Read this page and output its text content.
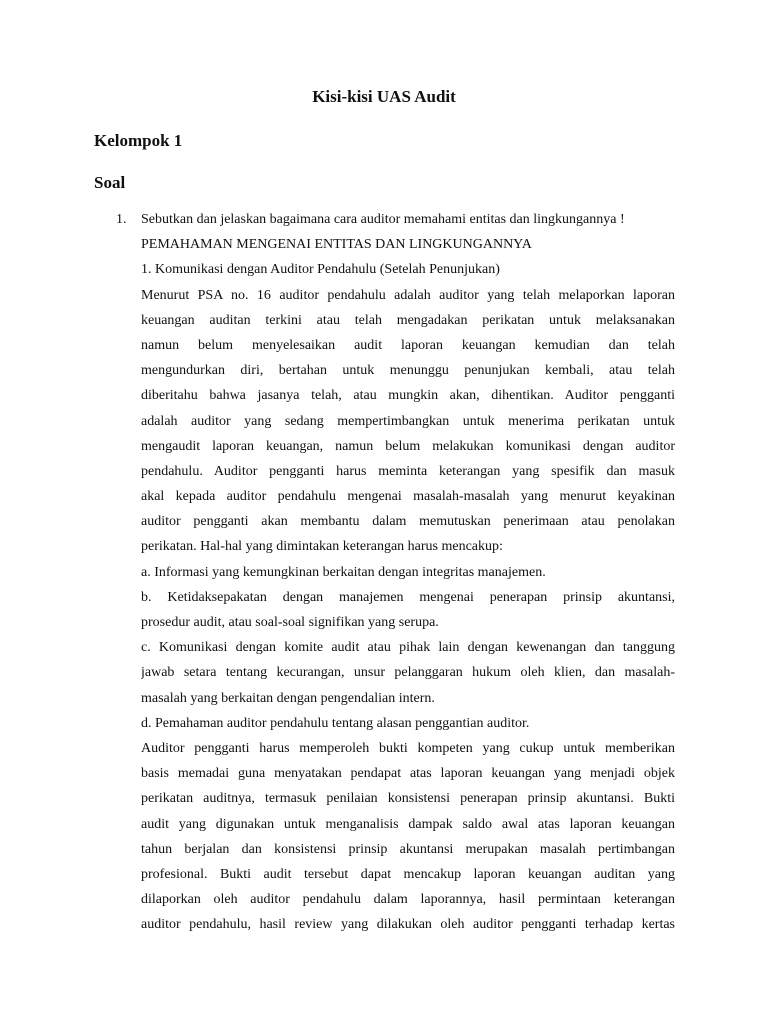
Kisi-kisi UAS Audit
Kelompok 1
Soal
1. Sebutkan dan jelaskan bagaimana cara auditor memahami entitas dan lingkungannya !
PEMAHAMAN MENGENAI ENTITAS DAN LINGKUNGANNYA
1. Komunikasi dengan Auditor Pendahulu (Setelah Penunjukan)
Menurut PSA no. 16 auditor pendahulu adalah auditor yang telah melaporkan laporan
keuangan auditan terkini atau telah mengadakan perikatan untuk melaksanakan
namun belum menyelesaikan audit laporan keuangan kemudian dan telah
mengundurkan diri, bertahan untuk menunggu penunjukan kembali, atau telah
diberitahu bahwa jasanya telah, atau mungkin akan, dihentikan. Auditor pengganti
adalah auditor yang sedang mempertimbangkan untuk menerima perikatan untuk
mengaudit laporan keuangan, namun belum melakukan komunikasi dengan auditor
pendahulu. Auditor pengganti harus meminta keterangan yang spesifik dan masuk
akal kepada auditor pendahulu mengenai masalah-masalah yang menurut keyakinan
auditor pengganti akan membantu dalam memutuskan penerimaan atau penolakan
perikatan. Hal-hal yang dimintakan keterangan harus mencakup:
a. Informasi yang kemungkinan berkaitan dengan integritas manajemen.
b. Ketidaksepakatan dengan manajemen mengenai penerapan prinsip akuntansi,
prosedur audit, atau soal-soal signifikan yang serupa.
c. Komunikasi dengan komite audit atau pihak lain dengan kewenangan dan tanggung
jawab setara tentang kecurangan, unsur pelanggaran hukum oleh klien, dan masalah-
masalah yang berkaitan dengan pengendalian intern.
d. Pemahaman auditor pendahulu tentang alasan penggantian auditor.
Auditor pengganti harus memperoleh bukti kompeten yang cukup untuk memberikan
basis memadai guna menyatakan pendapat atas laporan keuangan yang menjadi objek
perikatan auditnya, termasuk penilaian konsistensi penerapan prinsip akuntansi. Bukti
audit yang digunakan untuk menganalisis dampak saldo awal atas laporan keuangan
tahun berjalan dan konsistensi prinsip akuntansi merupakan masalah pertimbangan
profesional. Bukti audit tersebut dapat mencakup laporan keuangan auditan yang
dilaporkan oleh auditor pendahulu dalam laporannya, hasil permintaan keterangan
auditor pendahulu, hasil review yang dilakukan oleh auditor pengganti terhadap kertas
